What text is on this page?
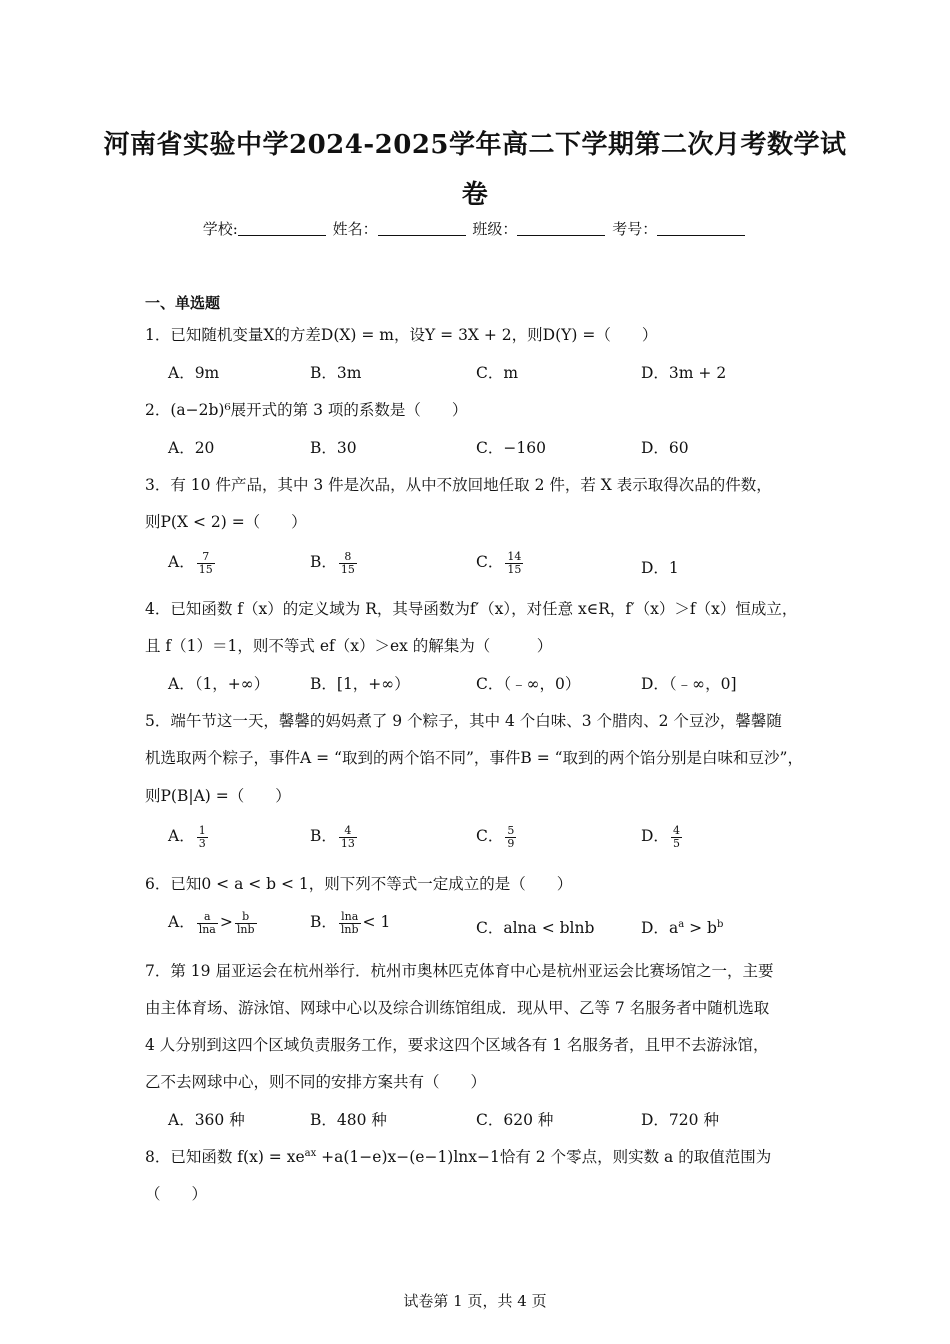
河南省实验中学2024-2025学年高二下学期第二次月考数学试
卷
学校:	姓名：	班级：	考号：
一、单选题
1．已知随机变量X的方差D(X) = m，设Y = 3X + 2，则D(Y) =（　　）
A．9m	B．3m	C．m	D．3m + 2
2．(a−2b)⁶展开式的第 3 项的系数是（　　）
A．20	B．30	C．−160	D．60
3．有 10 件产品，其中 3 件是次品，从中不放回地任取 2 件，若 X 表示取得次品的件数，
则P(X < 2) =（　　）
A． $\frac{7}{15}$	B． $\frac{8}{15}$	C． $\frac{14}{15}$	D．1
4．已知函数 f（x）的定义域为 R，其导函数为f′（x），对任意 x∈R，f′（x）＞f（x）恒成立，
且 f（1）＝1，则不等式 ef（x）＞ex 的解集为（　　　）
A．（1，+∞）	B．[1，+∞）	C．（﹣∞，0）	D．（﹣∞，0]
5．端午节这一天，馨馨的妈妈煮了 9 个粽子，其中 4 个白味、3 个腊肉、2 个豆沙，馨馨随
机选取两个粽子，事件A = “取到的两个馅不同”，事件B = “取到的两个馅分别是白味和豆沙”，
则P(B|A) =（　　）
A． $\frac{1}{3}$	B． $\frac{4}{13}$	C． $\frac{5}{9}$	D． $\frac{4}{5}$
6．已知0 < a < b < 1，则下列不等式一定成立的是（　　）
A． $\frac{a}{\ln a} > \frac{b}{\ln b}$	B． $\frac{\ln a}{\ln b} < 1$	C．alna < blnb	D．$a^a > b^b$
7．第 19 届亚运会在杭州举行．杭州市奥林匹克体育中心是杭州亚运会比赛场馆之一，主要
由主体育场、游泳馆、网球中心以及综合训练馆组成．现从甲、乙等 7 名服务者中随机选取
4 人分别到这四个区域负责服务工作，要求这四个区域各有 1 名服务者，且甲不去游泳馆，
乙不去网球中心，则不同的安排方案共有（　　）
A．360 种	B．480 种	C．620 种	D．720 种
8．已知函数 $f(x) = xe^{ax} +a(1-e)x-(e-1)\ln x-1$恰有 2 个零点，则实数 a 的取值范围为
（　　）
试卷第 1 页，共 4 页
